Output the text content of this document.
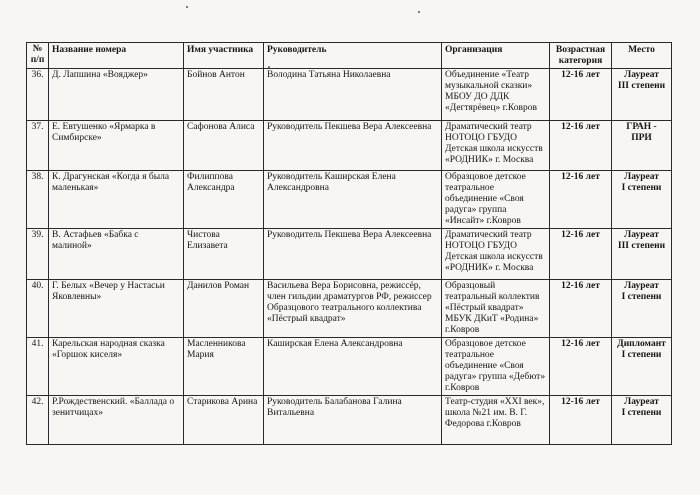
№ п/п	Название номера	Имя участника	Руководитель	Организация	Возрастная категория	Место
36.	Д. Лапшина «Вояджер»	Бойнов Антон	Володина Татьяна Николаевна	Объединение «Театр музыкальной сказки» МБОУ ДО ДДК «Дегтярёвец» г.Ковров	12-16 лет	Лауреат
III степени
37.	Е. Евтушенко «Ярмарка в Симбирске»	Сафонова Алиса	Руководитель Пекшева Вера Алексеевна	Драматический театр НОТОЦО ГБУДО Детская школа искусств «РОДНИК» г. Москва	12-16 лет	ГРАН -
ПРИ
38.	К. Драгунская «Когда я была маленькая»	Филиппова Александра	Руководитель Каширская Елена Александровна	Образцовое детское театральное объединение «Своя радуга» группа «Инсайт» г.Ковров	12-16 лет	Лауреат
I степени
39.	В. Астафьев «Бабка с малиной»	Чистова Елизавета	Руководитель Пекшева Вера Алексеевна	Драматический театр НОТОЦО ГБУДО Детская школа искусств «РОДНИК» г. Москва	12-16 лет	Лауреат
III степени
40.	Г. Белых «Вечер у Настасьи Яковлевны»	Данилов Роман	Васильева Вера Борисовна, режиссёр, член гильдии драматургов РФ, режиссер Образцового театрального коллектива «Пёстрый квадрат»	Образцовый театральный коллектив «Пёстрый квадрат» МБУК ДКиТ «Родина» г.Ковров	12-16 лет	Лауреат
I степени
41.	Карельская народная сказка «Горшок киселя»	Масленникова Мария	Каширская Елена Александровна	Образцовое детское театральное объединение «Своя радуга» группа «Дебют» г.Ковров	12-16 лет	Дипломант
I степени
42.	Р.Рождественский. «Баллада о зенитчицах»	Старикова Арина	Руководитель Балабанова Галина Витальевна	Театр-студия «XXI век», школа №21 им. В. Г. Федорова г.Ковров	12-16 лет	Лауреат
I степени
